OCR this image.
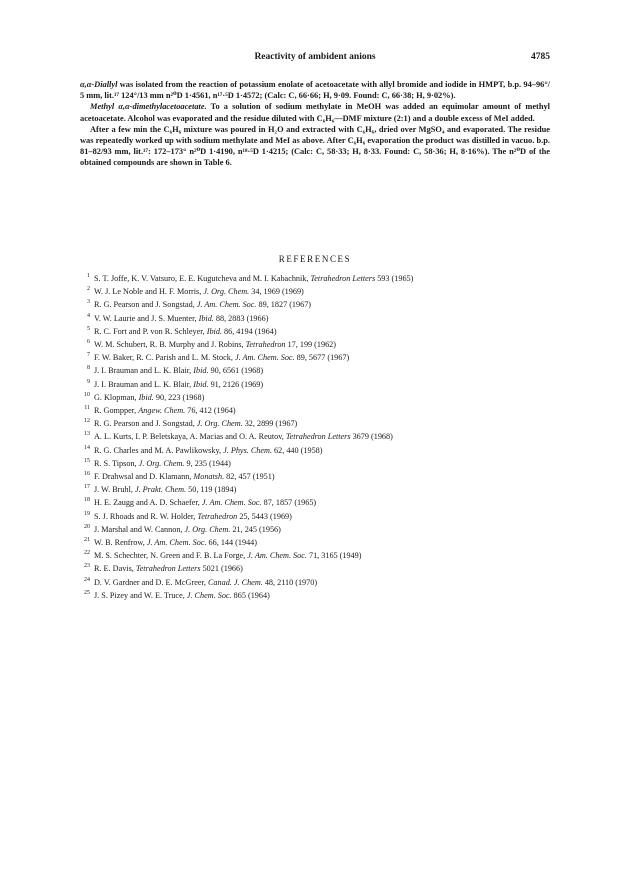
Reactivity of ambident anions	4785

α,α-Diallyl was isolated from the reaction of potassium enolate of acetoacetate with allyl bromide and iodide in HMPT, b.p. 94–96°/ 5 mm, lit.¹⁷ 124°/13 mm n²⁰D 1·4561, n¹⁷·⁵D 1·4572; (Calc: C, 66·66; H, 9·09. Found: C, 66·38; H, 9·02%).

Methyl α,α-dimethylacetoacetate. To a solution of sodium methylate in MeOH was added an equimolar amount of methyl acetoacetate. Alcohol was evaporated and the residue diluted with C₆H₆—DMF mixture (2:1) and a double excess of MeI added.

After a few min the C₆H₆ mixture was poured in H₂O and extracted with C₆H₆, dried over MgSO₄ and evaporated. The residue was repeatedly worked up with sodium methylate and MeI as above. After C₆H₆ evaporation the product was distilled in vacuo. b.p. 81–82/93 mm, lit.¹⁷: 172–173° n²⁰D 1·4190, n¹⁸·⁵D 1·4215; (Calc: C, 58·33; H, 8·33. Found: C, 58·36; H, 8·16%). The n²⁰D of the obtained compounds are shown in Table 6.

REFERENCES
1 S. T. Joffe, K. V. Vatsuro, E. E. Kugutcheva and M. I. Kabachnik, Tetrahedron Letters 593 (1965)
2 W. J. Le Noble and H. F. Morris, J. Org. Chem. 34, 1969 (1969)
3 R. G. Pearson and J. Songstad, J. Am. Chem. Soc. 89, 1827 (1967)
4 V. W. Laurie and J. S. Muenter, Ibid. 88, 2883 (1966)
5 R. C. Fort and P. von R. Schleyer, Ibid. 86, 4194 (1964)
6 W. M. Schubert, R. B. Murphy and J. Robins, Tetrahedron 17, 199 (1962)
7 F. W. Baker, R. C. Parish and L. M. Stock, J. Am. Chem. Soc. 89, 5677 (1967)
8 J. I. Brauman and L. K. Blair, Ibid. 90, 6561 (1968)
9 J. I. Brauman and L. K. Blair, Ibid. 91, 2126 (1969)
10 G. Klopman, Ibid. 90, 223 (1968)
11 R. Gompper, Angew. Chem. 76, 412 (1964)
12 R. G. Pearson and J. Songstad, J. Org. Chem. 32, 2899 (1967)
13 A. L. Kurts, I. P. Beletskaya, A. Macias and O. A. Reutov, Tetrahedron Letters 3679 (1968)
14 R. G. Charles and M. A. Pawlikowsky, J. Phys. Chem. 62, 440 (1958)
15 R. S. Tipson, J. Org. Chem. 9, 235 (1944)
16 F. Drahwsal and D. Klamann, Monatsh. 82, 457 (1951)
17 J. W. Bruhl, J. Prakt. Chem. 50, 119 (1894)
18 H. E. Zaugg and A. D. Schaefer, J. Am. Chem. Soc. 87, 1857 (1965)
19 S. J. Rhoads and R. W. Holder, Tetrahedron 25, 5443 (1969)
20 J. Marshal and W. Cannon, J. Org. Chem. 21, 245 (1956)
21 W. B. Renfrow, J. Am. Chem. Soc. 66, 144 (1944)
22 M. S. Schechter, N. Green and F. B. La Forge, J. Am. Chem. Soc. 71, 3165 (1949)
23 R. E. Davis, Tetrahedron Letters 5021 (1966)
24 D. V. Gardner and D. E. McGreer, Canad. J. Chem. 48, 2110 (1970)
25 J. S. Pizey and W. E. Truce, J. Chem. Soc. 865 (1964)
